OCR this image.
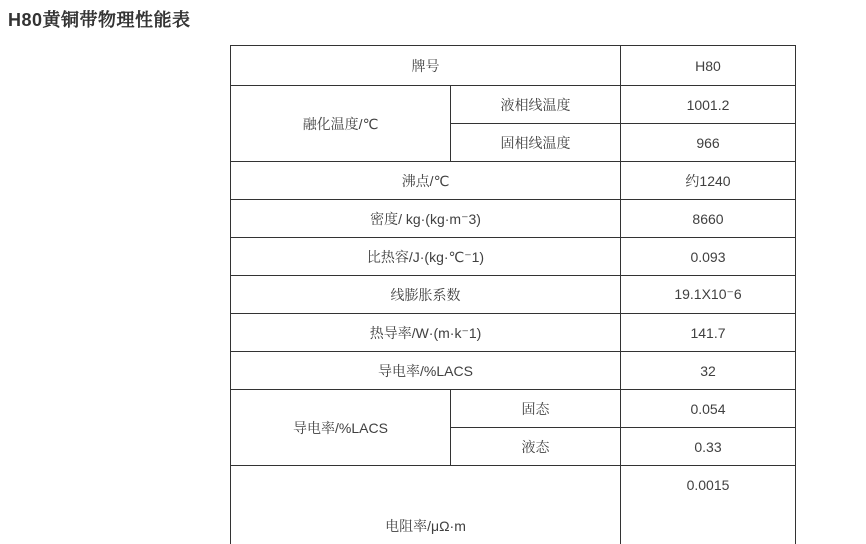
H80黄铜带物理性能表
牌号		H80
融化温度/℃	液相线温度	1001.2
	固相线温度	966
沸点/℃		约1240
密度/ kg·(kg·m⁻3)		8660
比热容/J·(kg·℃⁻1)		0.093
线膨胀系数		19.1X10⁻6
热导率/W·(m·k⁻1)		141.7
导电率/%LACS		32
导电率/%LACS	固态	0.054
	液态	0.33
电阻率/μΩ·m		0.0015
